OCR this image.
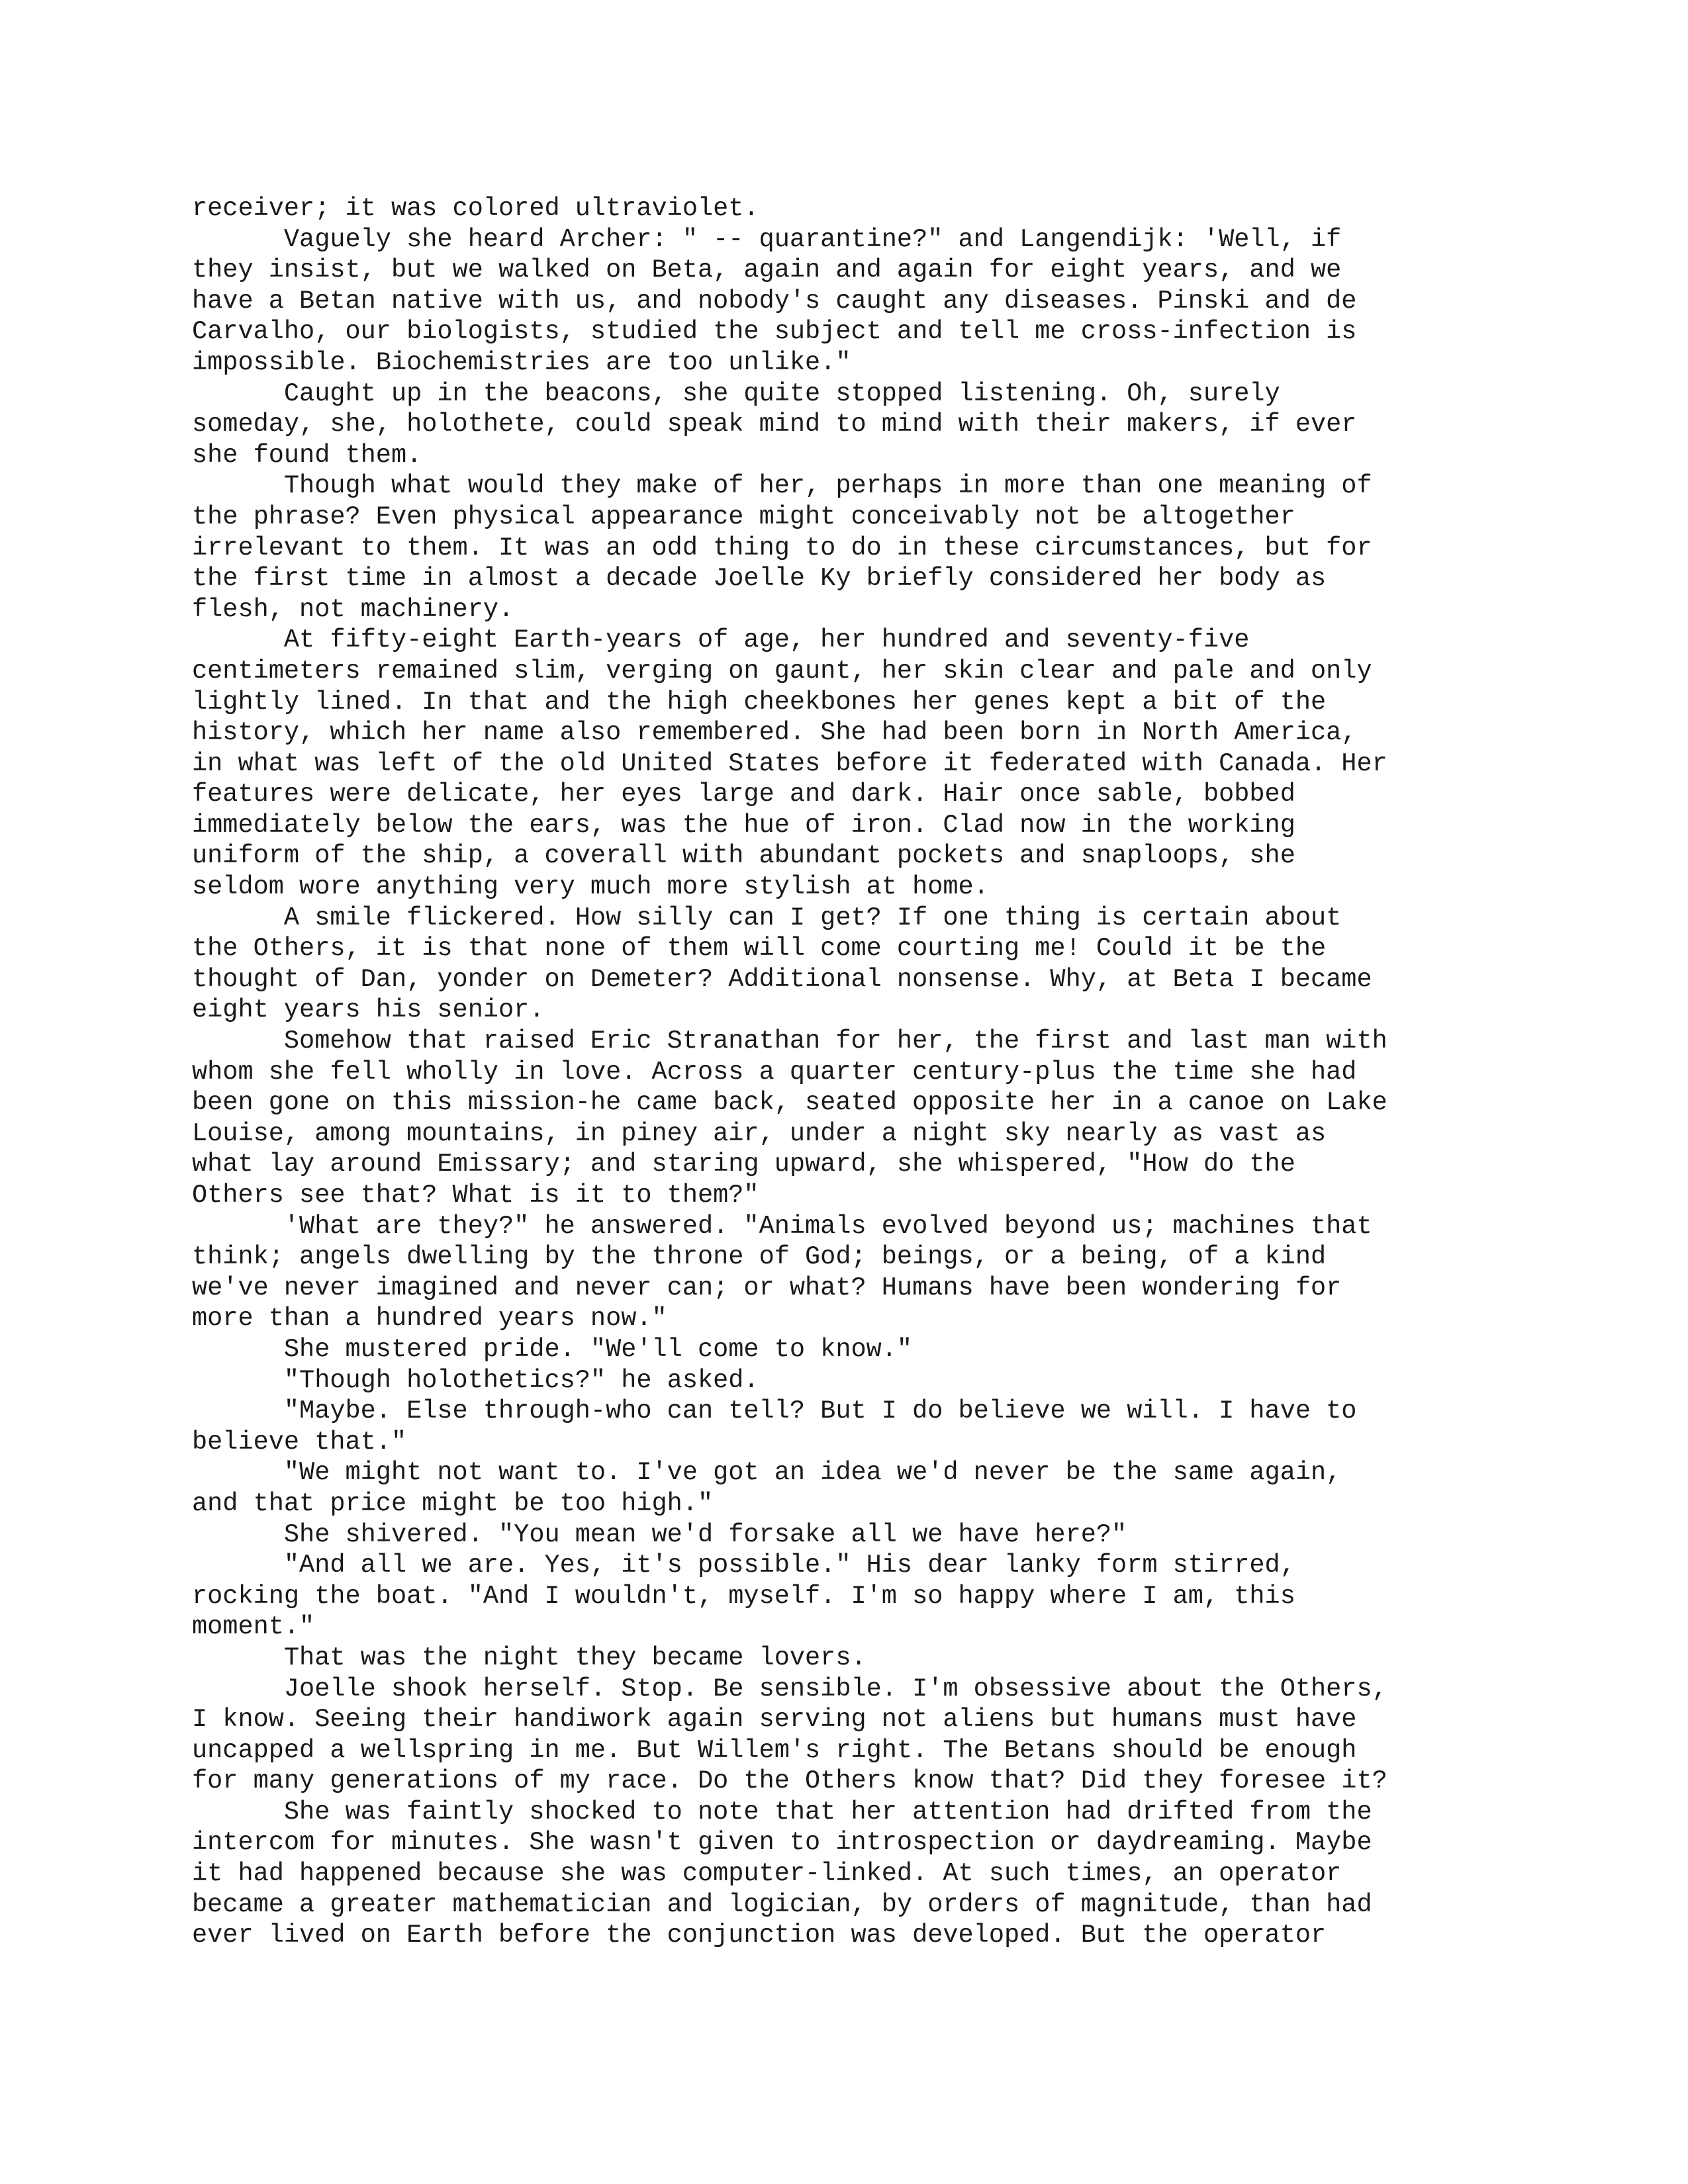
receiver; it was colored ultraviolet.
Vaguely she heard Archer: " -- quarantine?" and Langendijk: 'Well, if
they insist, but we walked on Beta, again and again for eight years, and we
have a Betan native with us, and nobody's caught any diseases. Pinski and de
Carvalho, our biologists, studied the subject and tell me cross-infection is
impossible. Biochemistries are too unlike."
Caught up in the beacons, she quite stopped listening. Oh, surely
someday, she, holothete, could speak mind to mind with their makers, if ever
she found them.
Though what would they make of her, perhaps in more than one meaning of
the phrase? Even physical appearance might conceivably not be altogether
irrelevant to them. It was an odd thing to do in these circumstances, but for
the first time in almost a decade Joelle Ky briefly considered her body as
flesh, not machinery.
At fifty-eight Earth-years of age, her hundred and seventy-five
centimeters remained slim, verging on gaunt, her skin clear and pale and only
lightly lined. In that and the high cheekbones her genes kept a bit of the
history, which her name also remembered. She had been born in North America,
in what was left of the old United States before it federated with Canada. Her
features were delicate, her eyes large and dark. Hair once sable, bobbed
immediately below the ears, was the hue of iron. Clad now in the working
uniform of the ship, a coverall with abundant pockets and snaploops, she
seldom wore anything very much more stylish at home.
A smile flickered. How silly can I get? If one thing is certain about
the Others, it is that none of them will come courting me! Could it be the
thought of Dan, yonder on Demeter? Additional nonsense. Why, at Beta I became
eight years his senior.
Somehow that raised Eric Stranathan for her, the first and last man with
whom she fell wholly in love. Across a quarter century-plus the time she had
been gone on this mission-he came back, seated opposite her in a canoe on Lake
Louise, among mountains, in piney air, under a night sky nearly as vast as
what lay around Emissary; and staring upward, she whispered, "How do the
Others see that? What is it to them?"
'What are they?" he answered. "Animals evolved beyond us; machines that
think; angels dwelling by the throne of God; beings, or a being, of a kind
we've never imagined and never can; or what? Humans have been wondering for
more than a hundred years now."
She mustered pride. "We'll come to know."
"Though holothetics?" he asked.
"Maybe. Else through-who can tell? But I do believe we will. I have to
believe that."
"We might not want to. I've got an idea we'd never be the same again,
and that price might be too high."
She shivered. "You mean we'd forsake all we have here?"
"And all we are. Yes, it's possible." His dear lanky form stirred,
rocking the boat. "And I wouldn't, myself. I'm so happy where I am, this
moment."
That was the night they became lovers.
Joelle shook herself. Stop. Be sensible. I'm obsessive about the Others,
I know. Seeing their handiwork again serving not aliens but humans must have
uncapped a wellspring in me. But Willem's right. The Betans should be enough
for many generations of my race. Do the Others know that? Did they foresee it?
She was faintly shocked to note that her attention had drifted from the
intercom for minutes. She wasn't given to introspection or daydreaming. Maybe
it had happened because she was computer-linked. At such times, an operator
became a greater mathematician and logician, by orders of magnitude, than had
ever lived on Earth before the conjunction was developed. But the operator
